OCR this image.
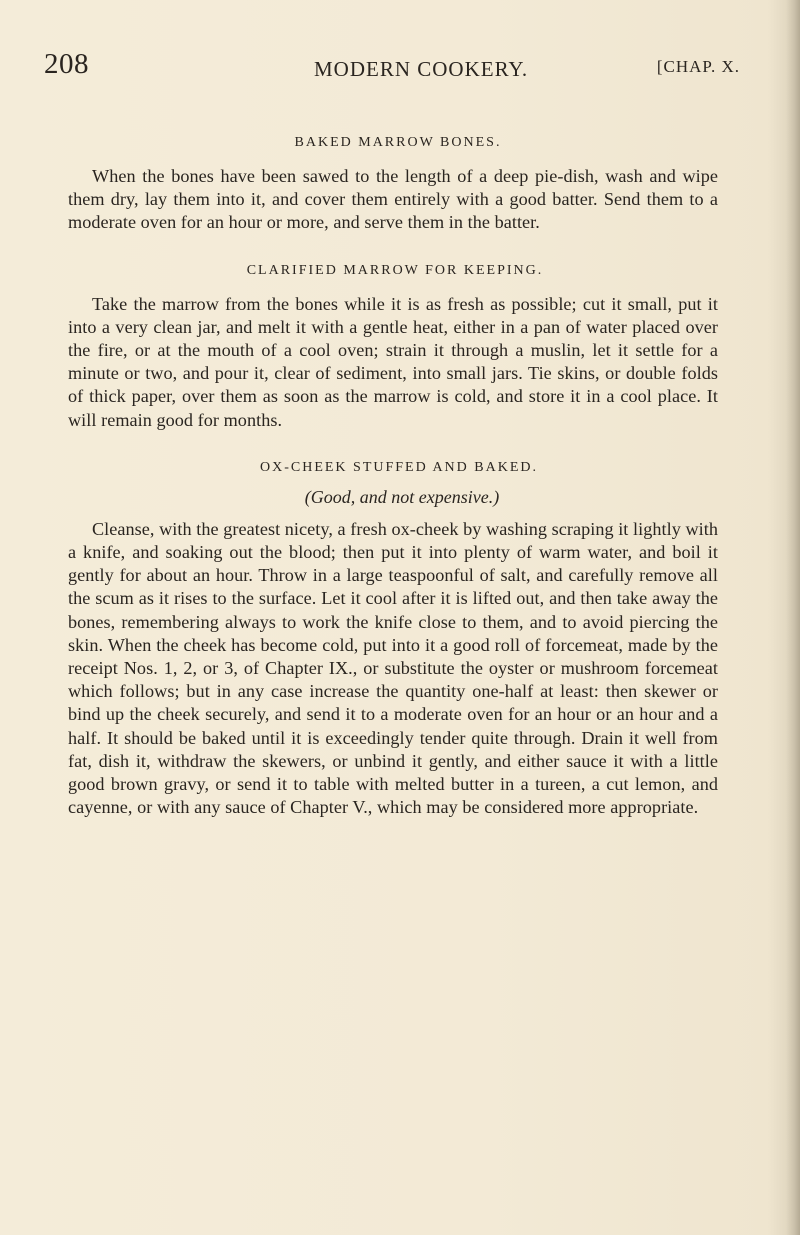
208	MODERN COOKERY.	[CHAP. X.
BAKED MARROW BONES.

When the bones have been sawed to the length of a deep pie-dish, wash and wipe them dry, lay them into it, and cover them entirely with a good batter. Send them to a moderate oven for an hour or more, and serve them in the batter.

CLARIFIED MARROW FOR KEEPING.

Take the marrow from the bones while it is as fresh as possible; cut it small, put it into a very clean jar, and melt it with a gentle heat, either in a pan of water placed over the fire, or at the mouth of a cool oven; strain it through a muslin, let it settle for a minute or two, and pour it, clear of sediment, into small jars. Tie skins, or double folds of thick paper, over them as soon as the marrow is cold, and store it in a cool place. It will remain good for months.

OX-CHEEK STUFFED AND BAKED.
(Good, and not expensive.)

Cleanse, with the greatest nicety, a fresh ox-cheek by washing scraping it lightly with a knife, and soaking out the blood; then put it into plenty of warm water, and boil it gently for about an hour. Throw in a large teaspoonful of salt, and carefully remove all the scum as it rises to the surface. Let it cool after it is lifted out, and then take away the bones, remembering always to work the knife close to them, and to avoid piercing the skin. When the cheek has become cold, put into it a good roll of forcemeat, made by the receipt Nos. 1, 2, or 3, of Chapter IX., or substitute the oyster or mushroom forcemeat which follows; but in any case increase the quantity one-half at least: then skewer or bind up the cheek securely, and send it to a moderate oven for an hour or an hour and a half. It should be baked until it is exceedingly tender quite through. Drain it well from fat, dish it, withdraw the skewers, or unbind it gently, and either sauce it with a little good brown gravy, or send it to table with melted butter in a tureen, a cut lemon, and cayenne, or with any sauce of Chapter V., which may be considered more appropriate.
